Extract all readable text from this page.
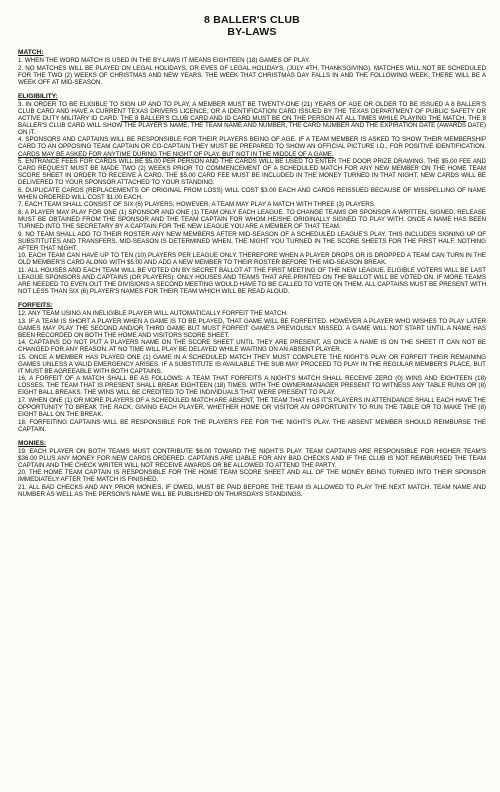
8 BALLER'S CLUB
BY-LAWS
MATCH:

1. WHEN THE WORD MATCH IS USED IN THE BY-LAWS IT MEANS EIGHTEEN (18) GAMES OF PLAY.

2. NO MATCHES WILL BE PLAYED ON LEGAL HOLIDAYS, OR EVES OF LEGAL HOLIDAYS, (JULY 4TH, THANKSGIVING). MATCHES WILL NOT BE SCHEDULED FOR THE TWO (2) WEEKS OF CHRISTMAS AND NEW YEARS. THE WEEK THAT CHRISTMAS DAY FALLS IN AND THE FOLLOWING WEEK. THERE WILL BE A WEEK OFF AT MID-SEASON.

ELIGIBILITY:

3. IN ORDER TO BE ELIGIBLE TO SIGN UP AND TO PLAY, A MEMBER MUST BE TWENTY-ONE (21) YEARS OF AGE OR OLDER TO BE ISSUED A 8 BALLER'S CLUB CARD AND HAVE A CURRENT TEXAS DRIVERS LICENCE, OR A IDENTIFICATION CARD ISSUED BY THE TEXAS DEPARTMENT OF PUBLIC SAFETY OR ACTIVE DUTY MILITARY ID CARD. THE 8 BALLER'S CLUB CARD AND ID CARD MUST BE ON THE PERSON AT ALL TIMES WHILE PLAYING THE MATCH. THE 8 BALLER'S CLUB CARD WILL SHOW THE PLAYER'S NAME, THE TEAM NAME AND NUMBER, THE CARD NUMBER AND THE EXPIRATION DATE (AWARDS DATE) ON IT.

4. SPONSORS AND CAPTAINS WILL BE RESPONSIBLE FOR THEIR PLAYERS BEING OF AGE. IF A TEAM MEMBER IS ASKED TO SHOW THEIR MEMBERSHIP CARD TO AN OPPOSING TEAM CAPTAIN OR CO-CAPTAIN THEY MUST BE PREPARED TO SHOW AN OFFICIAL PICTURE I.D., FOR POSITIVE IDENTIFICATION. CARDS MAY BE ASKED FOR ANYTIME DURING THE NIGHT OF PLAY, BUT NOT IN THE MIDDLE OF A GAME.

5. ENTRANCE FEES FOR CARDS WILL BE $5.00 PER PERSON AND THE CARDS WILL BE USED TO ENTER THE DOOR PRIZE DRAWING. THE $5.00 FEE AND CARD REQUEST MUST BE MADE TWO (2) WEEKS PRIOR TO COMMENCEMENT OF A SCHEDULED MATCH FOR ANY NEW MEMBER ON THE HOME TEAM SCORE SHEET IN ORDER TO RECEIVE A CARD. THE $5.00 CARD FEE MUST BE INCLUDED IN THE MONEY TURNED IN THAT NIGHT. NEW CARDS WILL BE DELIVERED TO YOUR SPONSOR ATTACHED TO YOUR STANDING.

6. DUPLICATE CARDS (REPLACEMENTS OF ORIGINAL FROM LOSS) WILL COST $3.00 EACH AND CARDS REISSUED BECAUSE OF MISSPELLING OF NAME WHEN ORDERED WILL COST $1.00 EACH.

7. EACH TEAM SHALL CONSIST OF SIX (6) PLAYERS, HOWEVER, A TEAM MAY PLAY A MATCH WITH THREE (3) PLAYERS.

8. A PLAYER MAY PLAY FOR ONE (1) SPONSOR AND ONE (1) TEAM ONLY EACH LEAGUE. TO CHANGE TEAMS OR SPONSOR A WRITTEN, SIGNED, RELEASE MUST BE OBTAINED FROM THE SPONSOR AND THE TEAM CAPTAIN FOR WHOM HE/SHE ORIGINALLY SIGNED TO PLAY WITH. ONCE A NAME HAS BEEN TURNED INTO THE SECRETARY BY A CAPTAIN FOR THE NEW LEAGUE YOU ARE A MEMBER OF THAT TEAM.

9. NO TEAM SHALL ADD TO THEIR ROSTER ANY NEW MEMBERS AFTER MID-SEASON OF A SCHEDULED LEAGUE'S PLAY. THIS INCLUDES SIGNING UP OF SUBSTITUTES AND TRANSFERS. MID-SEASON IS DETERMINED WHEN, THE NIGHT YOU TURNED IN THE SCORE SHEETS FOR THE FIRST HALF. NOTHING AFTER THAT NIGHT.

10. EACH TEAM CAN HAVE UP TO TEN (10) PLAYERS PER LEAGUE ONLY. THEREFORE WHEN A PLAYER DROPS OR IS DROPPED A TEAM CAN TURN IN THE OLD MEMBER'S CARD ALONG WITH $5.00 AND ADD A NEW MEMBER TO THEIR ROSTER BEFORE THE MID-SEASON BREAK.

11. ALL HOUSES AND EACH TEAM WILL BE VOTED ON BY SECRET BALLOT AT THE FIRST MEETING OF THE NEW LEAGUE. ELIGIBLE VOTERS WILL BE LAST LEAGUE SPONSORS AND CAPTAINS (OR PLAYERS). ONLY HOUSES AND TEAMS THAT ARE PRINTED ON THE BALLOT WILL BE VOTED ON. IF MORE TEAMS ARE NEEDED TO EVEN OUT THE DIVISIONS A SECOND MEETING WOULD HAVE TO BE CALLED TO VOTE ON THEM. ALL CAPTAINS MUST BE PRESENT WITH NOT LESS THAN SIX (6) PLAYER'S NAMES FOR THEIR TEAM WHICH WILL BE READ ALOUD.

FORFEITS:

12. ANY TEAM USING AN INELIGIBLE PLAYER WILL AUTOMATICALLY FORFEIT THE MATCH.

13. IF A TEAM IS SHORT A PLAYER WHEN A GAME IS TO BE PLAYED, THAT GAME WILL BE FORFEITED. HOWEVER A PLAYER WHO WISHES TO PLAY LATER GAMES MAY PLAY THE SECOND AND/OR THIRD GAME BUT MUST FORFEIT GAME'S PREVIOUSLY MISSED. A GAME WILL NOT START UNTIL A NAME HAS BEEN RECORDED ON BOTH THE HOME AND VISITORS SCORE SHEET.

14. CAPTAINS DO NOT PUT A PLAYERS NAME ON THE SCORE SHEET UNTIL THEY ARE PRESENT, AS ONCE A NAME IS ON THE SHEET IT CAN NOT BE CHANGED FOR ANY REASON. AT NO TIME WILL PLAY BE DELAYED WHILE WAITING ON AN ABSENT PLAYER.

15. ONCE A MEMBER HAS PLAYED ONE (1) GAME IN A SCHEDULED MATCH THEY MUST COMPLETE THE NIGHT'S PLAY OR FORFEIT THEIR REMAINING GAMES UNLESS A VALID EMERGENCY ARISES. IF A SUBSTITUTE IS AVAILABLE THE SUB MAY PROCEED TO PLAY IN THE REGULAR MEMBER'S PLACE, BUT IT MUST BE AGREEABLE WITH BOTH CAPTAINS.

16. A FORFEIT OF A MATCH SHALL BE AS FOLLOWS: A TEAM THAT FORFEITS A NIGHT'S MATCH SHALL RECEIVE ZERO (0) WINS AND EIGHTEEN (18) LOSSES. THE TEAM THAT IS PRESENT SHALL BREAK EIGHTEEN (18) TIMES. WITH THE OWNER/MANAGER PRESENT TO WITNESS ANY TABLE RUNS OR (8) EIGHT BALL BREAKS. THE WINS WILL BE CREDITED TO THE INDIVIDUALS THAT WERE PRESENT TO PLAY.

17. WHEN ONE (1) OR MORE PLAYERS OF A SCHEDULED MATCH ARE ABSENT, THE TEAM THAT HAS IT'S PLAYERS IN ATTENDANCE SHALL EACH HAVE THE OPPORTUNITY TO BREAK THE RACK. GIVING EACH PLAYER, WHETHER HOME OR VISITOR AN OPPORTUNITY TO RUN THE TABLE OR TO MAKE THE (8) EIGHT BALL ON THE BREAK.

18. FORFEITING CAPTAINS WILL BE RESPONSIBLE FOR THE PLAYER'S FEE FOR THE NIGHT'S PLAY. THE ABSENT MEMBER SHOULD REIMBURSE THE CAPTAIN.

MONIES:

19. EACH PLAYER ON BOTH TEAMS MUST CONTRIBUTE $6.00 TOWARD THE NIGHT'S PLAY. TEAM CAPTAINS ARE RESPONSIBLE FOR HIGHER TEAM'S $36.00 PLUS ANY MONEY FOR NEW CARDS ORDERED. CAPTAINS ARE LIABLE FOR ANY BAD CHECKS AND IF THE CLUB IS NOT REIMBURSED THE TEAM CAPTAIN AND THE CHECK WRITER WILL NOT RECEIVE AWARDS OR BE ALLOWED TO ATTEND THE PARTY.

20. THE HOME TEAM CAPTAIN IS RESPONSIBLE FOR THE HOME TEAM SCORE SHEET AND ALL OF THE MONEY BEING TURNED INTO THEIR SPONSOR IMMEDIATELY AFTER THE MATCH IS FINISHED.

21. ALL BAD CHECKS AND ANY PRIOR MONIES, IF OWED, MUST BE PAID BEFORE THE TEAM IS ALLOWED TO PLAY THE NEXT MATCH. TEAM NAME AND NUMBER AS WELL AS THE PERSON'S NAME WILL BE PUBLISHED ON THURSDAYS STANDINGS.
